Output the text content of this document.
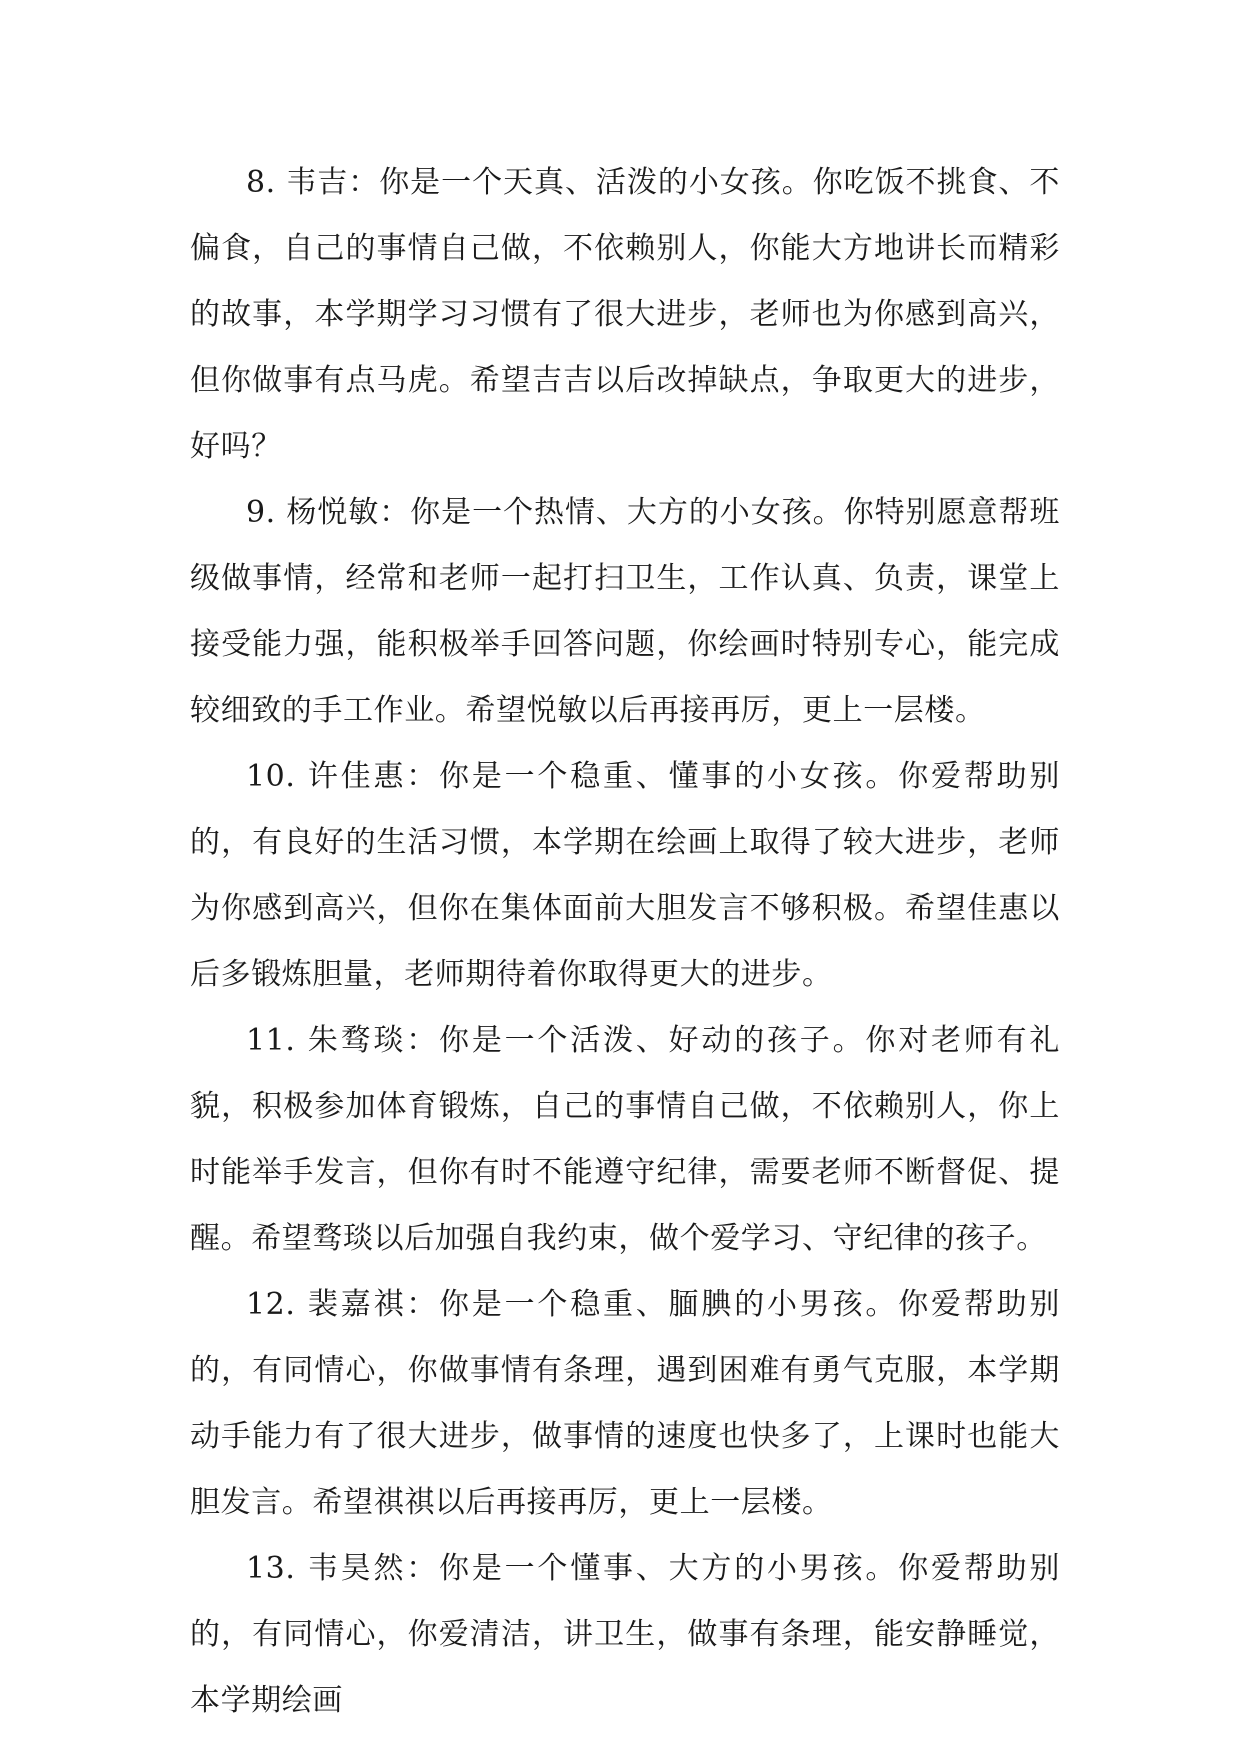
8. 韦吉：你是一个天真、活泼的小女孩。你吃饭不挑食、不偏食，自己的事情自己做，不依赖别人，你能大方地讲长而精彩的故事，本学期学习习惯有了很大进步，老师也为你感到高兴，但你做事有点马虎。希望吉吉以后改掉缺点，争取更大的进步，好吗？

9. 杨悦敏：你是一个热情、大方的小女孩。你特别愿意帮班级做事情，经常和老师一起打扫卫生，工作认真、负责，课堂上接受能力强，能积极举手回答问题，你绘画时特别专心，能完成较细致的手工作业。希望悦敏以后再接再厉，更上一层楼。

10. 许佳惠：你是一个稳重、懂事的小女孩。你爱帮助别的，有良好的生活习惯，本学期在绘画上取得了较大进步，老师为你感到高兴，但你在集体面前大胆发言不够积极。希望佳惠以后多锻炼胆量，老师期待着你取得更大的进步。

11. 朱骛琰：你是一个活泼、好动的孩子。你对老师有礼貌，积极参加体育锻炼，自己的事情自己做，不依赖别人，你上时能举手发言，但你有时不能遵守纪律，需要老师不断督促、提醒。希望骛琰以后加强自我约束，做个爱学习、守纪律的孩子。

12. 裴嘉祺：你是一个稳重、腼腆的小男孩。你爱帮助别的，有同情心，你做事情有条理，遇到困难有勇气克服，本学期动手能力有了很大进步，做事情的速度也快多了，上课时也能大胆发言。希望祺祺以后再接再厉，更上一层楼。

13. 韦昊然：你是一个懂事、大方的小男孩。你爱帮助别的，有同情心，你爱清洁，讲卫生，做事有条理，能安静睡觉，本学期绘画
